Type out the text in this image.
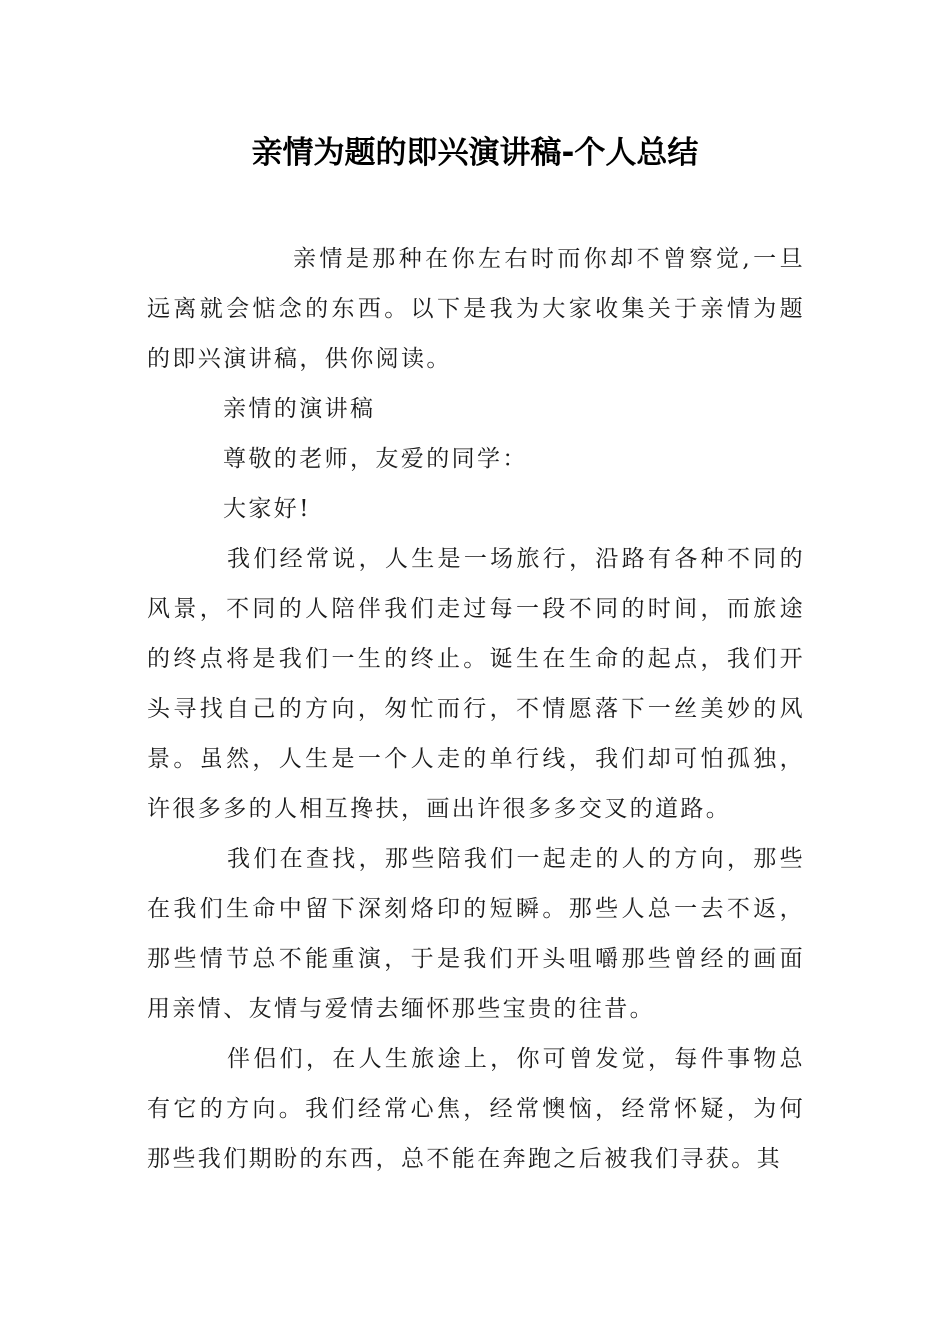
亲情为题的即兴演讲稿-个人总结

亲情是那种在你左右时而你却不曾察觉,一旦远离就会惦念的东西。以下是我为大家收集关于亲情为题的即兴演讲稿，供你阅读。

亲情的演讲稿

尊敬的老师，友爱的同学：

大家好!

我们经常说，人生是一场旅行，沿路有各种不同的风景，不同的人陪伴我们走过每一段不同的时间，而旅途的终点将是我们一生的终止。诞生在生命的起点，我们开头寻找自己的方向，匆忙而行，不情愿落下一丝美妙的风景。虽然，人生是一个人走的单行线，我们却可怕孤独，许很多多的人相互搀扶，画出许很多多交叉的道路。

我们在查找，那些陪我们一起走的人的方向，那些在我们生命中留下深刻烙印的短瞬。那些人总一去不返，那些情节总不能重演，于是我们开头咀嚼那些曾经的画面用亲情、友情与爱情去缅怀那些宝贵的往昔。

伴侣们，在人生旅途上，你可曾发觉，每件事物总有它的方向。我们经常心焦，经常懊恼，经常怀疑，为何那些我们期盼的东西，总不能在奔跑之后被我们寻获。其
